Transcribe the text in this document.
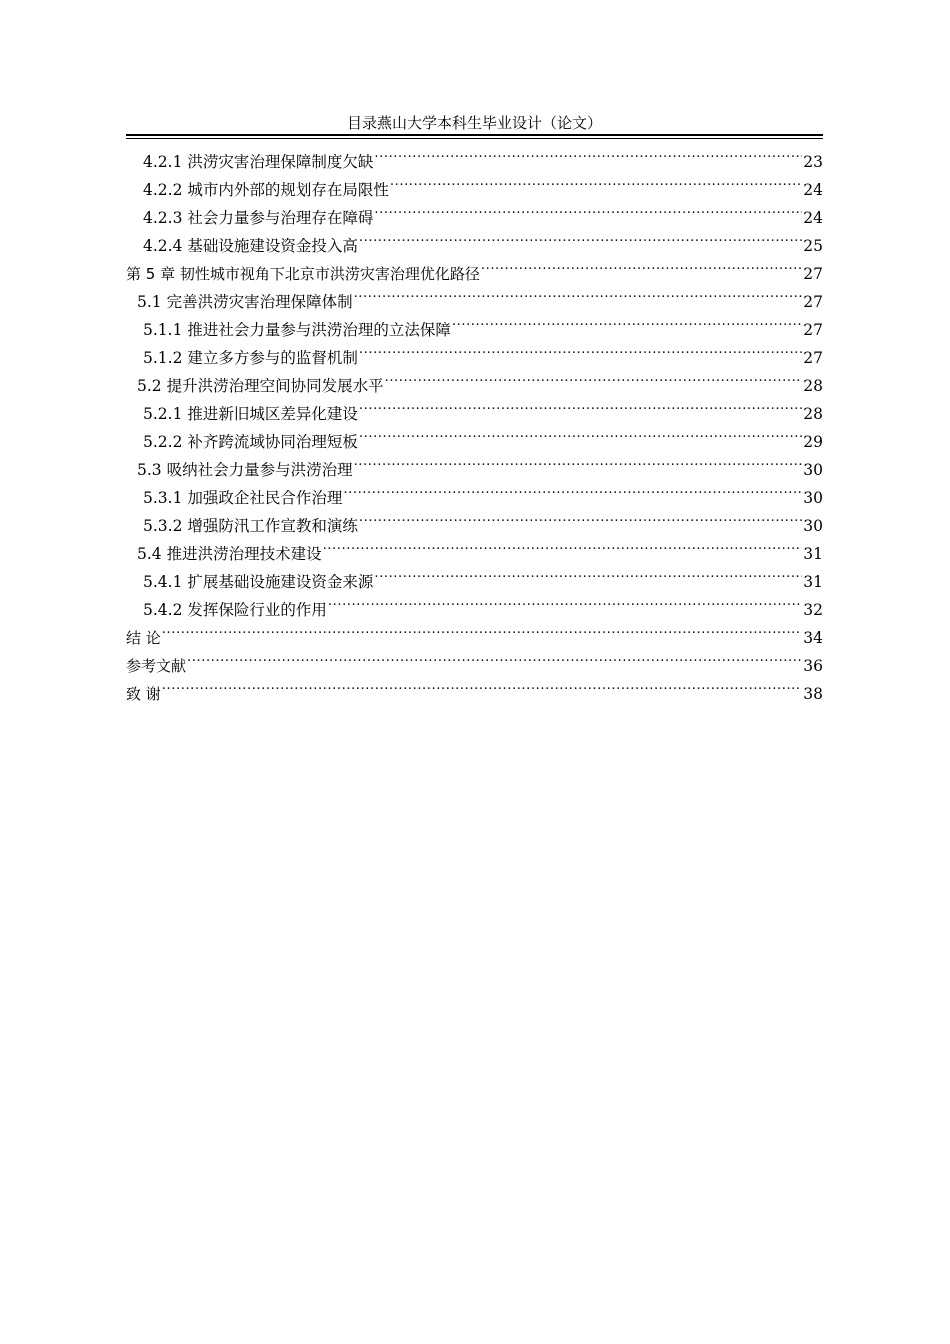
目录燕山大学本科生毕业设计（论文）
4.2.1 洪涝灾害治理保障制度欠缺 .....	23
4.2.2 城市内外部的规划存在局限性 .....	24
4.2.3 社会力量参与治理存在障碍 .....	24
4.2.4 基础设施建设资金投入高 .....	25
第 5 章 韧性城市视角下北京市洪涝灾害治理优化路径 .....	27
5.1 完善洪涝灾害治理保障体制 .....	27
5.1.1 推进社会力量参与洪涝治理的立法保障 .....	27
5.1.2 建立多方参与的监督机制 .....	27
5.2 提升洪涝治理空间协同发展水平 .....	28
5.2.1 推进新旧城区差异化建设 .....	28
5.2.2 补齐跨流域协同治理短板 .....	29
5.3 吸纳社会力量参与洪涝治理 .....	30
5.3.1 加强政企社民合作治理 .....	30
5.3.2 增强防汛工作宣教和演练 .....	30
5.4 推进洪涝治理技术建设 .....	31
5.4.1 扩展基础设施建设资金来源 .....	31
5.4.2 发挥保险行业的作用 .....	32
结 论 .....	34
参考文献 .....	36
致 谢 .....	38
